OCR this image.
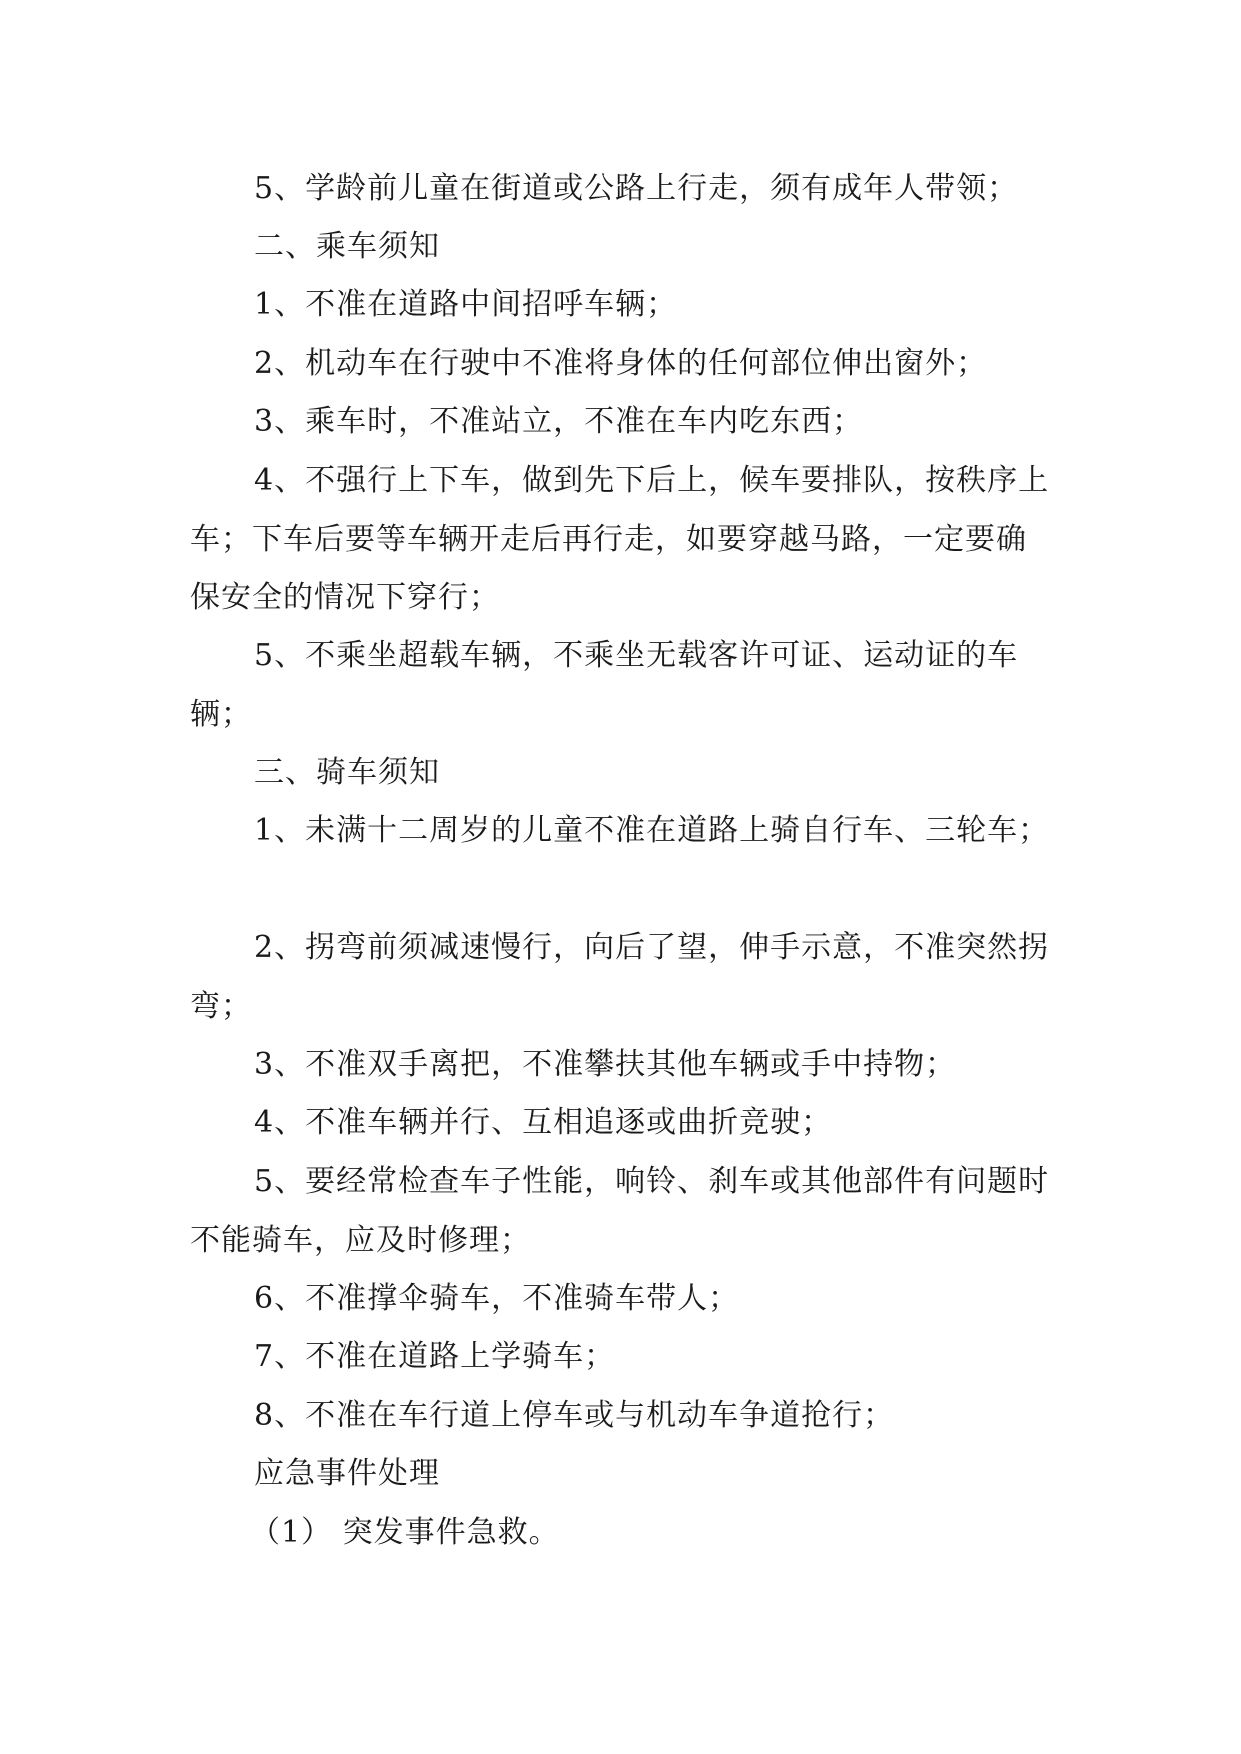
5、学龄前儿童在街道或公路上行走，须有成年人带领；

二、乘车须知

1、不准在道路中间招呼车辆；

2、机动车在行驶中不准将身体的任何部位伸出窗外；

3、乘车时，不准站立，不准在车内吃东西；

4、不强行上下车，做到先下后上，候车要排队，按秩序上车；下车后要等车辆开走后再行走，如要穿越马路，一定要确保安全的情况下穿行；

5、不乘坐超载车辆，不乘坐无载客许可证、运动证的车辆；

三、骑车须知

1、未满十二周岁的儿童不准在道路上骑自行车、三轮车；

2、拐弯前须减速慢行，向后了望，伸手示意，不准突然拐弯；

3、不准双手离把，不准攀扶其他车辆或手中持物；

4、不准车辆并行、互相追逐或曲折竞驶；

5、要经常检查车子性能，响铃、刹车或其他部件有问题时不能骑车，应及时修理；

6、不准撑伞骑车，不准骑车带人；

7、不准在道路上学骑车；

8、不准在车行道上停车或与机动车争道抢行；

应急事件处理

（1） 突发事件急救。
